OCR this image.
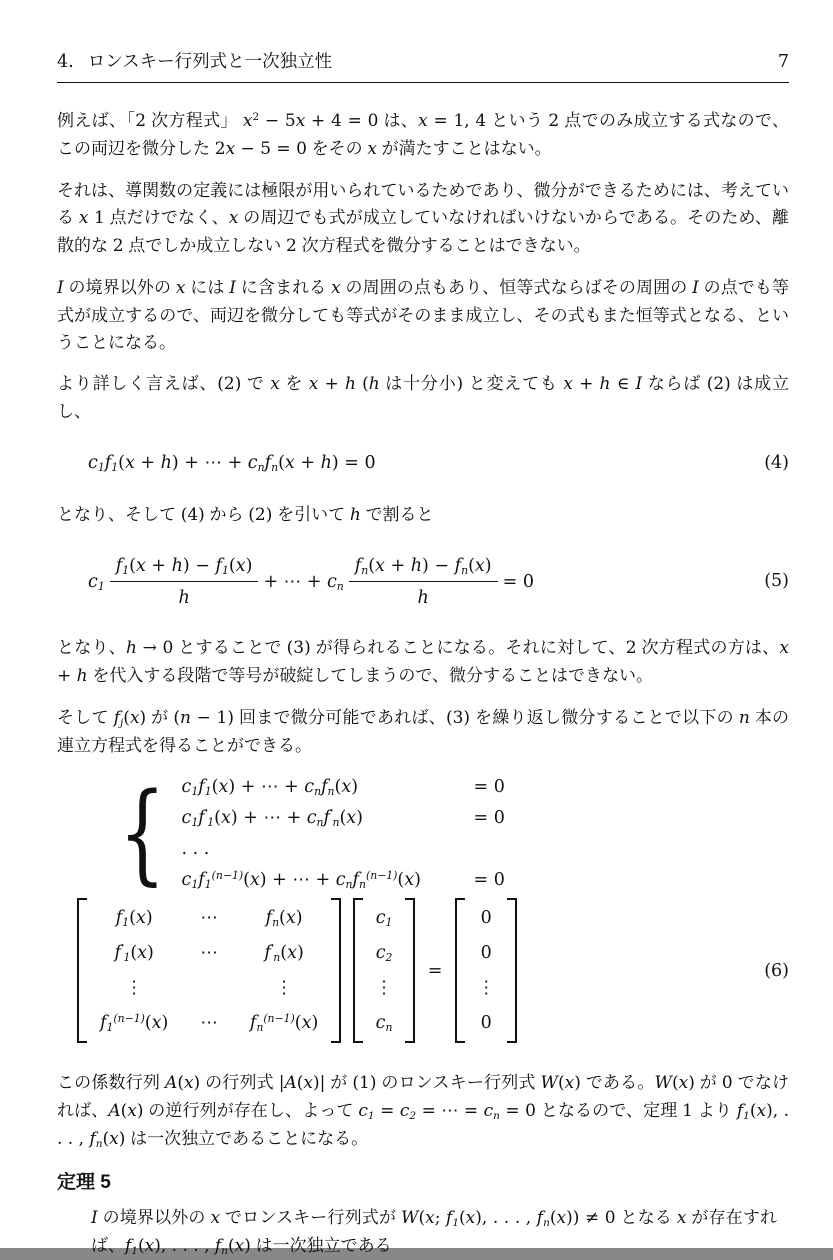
4. ロンスキー行列式と一次独立性	7

例えば、「2 次方程式」 $x^2 - 5x + 4 = 0$ は、x = 1, 4 という 2 点でのみ成立する式なので、この両辺を微分した 2x − 5 = 0 をその x が満たすことはない。

それは、導関数の定義には極限が用いられているためであり、微分ができるためには、考えている x 1 点だけでなく、x の周辺でも式が成立していなければいけないからである。そのため、離散的な 2 点でしか成立しない 2 次方程式を微分することはできない。

I の境界以外の x には I に含まれる x の周囲の点もあり、恒等式ならばその周囲の I の点でも等式が成立するので、両辺を微分しても等式がそのまま成立し、その式もまた恒等式となる、ということになる。

より詳しく言えば、(2) で x を x + h (h は十分小) と変えても x + h ∈ I ならば (2) は成立し、

$c_1f_1(x + h)$ + ⋯ + $c_nf_n(x + h) = 0$	(4)

となり、そして (4) から (2) を引いて h で割ると

$c_1 \frac{f_1(x + h) - f_1(x)}{h}$ + ⋯ + $c_n \frac{f_n(x + h) - f_n(x)}{h} = 0$	(5)

となり、h → 0 とすることで (3) が得られることになる。それに対して、2 次方程式の方は、x + h を代入する段階で等号が破綻してしまうので、微分することはできない。

そして $f_j(x)$ が (n − 1) 回まで微分可能であれば、(3) を繰り返し微分することで以下の n 本の連立方程式を得ることができる。

{ $c_1f_1(x)$ + ⋯ + $c_nf_n(x)$	= 0
$c_1f'_1(x)$ + ⋯ + $c_nf'_n(x)$	= 0
. . .
$c_1f_1^{(n-1)}(x)$ + ⋯ + $c_nf_n^{(n-1)}(x)$	= 0
$f_1(x)$	⋯	$f_n(x)$
$f'_1(x)$	⋯	$f'_n(x)$
⋮	⋮
$f_1^{(n-1)}(x)$ ⋯ $f_n^{(n-1)}(x)$
$c_1$
$c_2$
⋮
$c_n$
=
0
0
⋮
0
(6)

この係数行列 A(x) の行列式 |A(x)| が (1) のロンスキー行列式 W(x) である。W(x) が 0 でなければ、A(x) の逆行列が存在し、よって $c_1 = c_2$ = ⋯ = $c_n = 0$ となるので、定理 1 より $f_1(x)$, . . . , $f_n(x)$ は一次独立であることになる。

定理 5

I の境界以外の x でロンスキー行列式が W(x; $f_1(x)$, . . . , $f_n(x)) \ne 0$ となる x が存在すれば、$f_1(x)$, . . . , $f_n(x)$ は一次独立である
